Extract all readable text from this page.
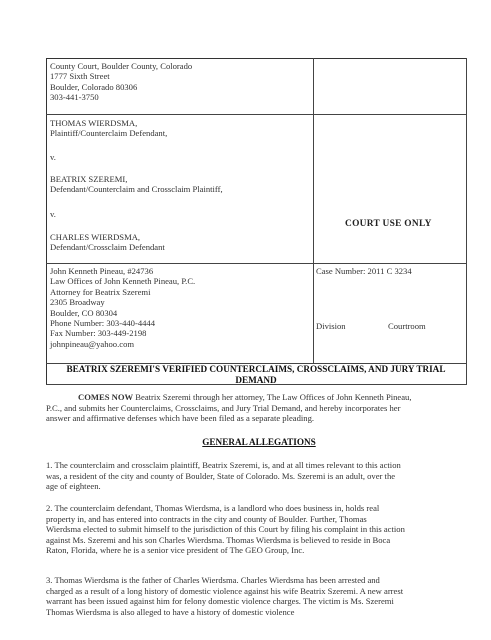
County Court, Boulder County, Colorado
1777 Sixth Street
Boulder, Colorado 80306
303-441-3750
THOMAS WIERDSMA,
Plaintiff/Counterclaim Defendant,
v.
BEATRIX SZEREMI,
Defendant/Counterclaim and Crossclaim Plaintiff,
v.
CHARLES WIERDSMA,
Defendant/Crossclaim Defendant
COURT USE ONLY
John Kenneth Pineau, #24736
Law Offices of John Kenneth Pineau, P.C.
Attorney for Beatrix Szeremi
2305 Broadway
Boulder, CO 80304
Phone Number: 303-440-4444
Fax Number: 303-449-2198
johnpineau@yahoo.com
Case Number: 2011 C 3234
Division	Courtroom
BEATRIX SZEREMI'S VERIFIED COUNTERCLAIMS, CROSSCLAIMS, AND JURY TRIAL
DEMAND
COMES NOW Beatrix Szeremi through her attorney, The Law Offices of John Kenneth Pineau,
P.C., and submits her Counterclaims, Crossclaims, and Jury Trial Demand, and hereby incorporates her
answer and affirmative defenses which have been filed as a separate pleading.
GENERAL ALLEGATIONS
1. The counterclaim and crossclaim plaintiff, Beatrix Szeremi, is, and at all times relevant to this action
was, a resident of the city and county of Boulder, State of Colorado. Ms. Szeremi is an adult, over the
age of eighteen.
2. The counterclaim defendant, Thomas Wierdsma, is a landlord who does business in, holds real
property in, and has entered into contracts in the city and county of Boulder. Further, Thomas
Wierdsma elected to submit himself to the jurisdiction of this Court by filing his complaint in this action
against Ms. Szeremi and his son Charles Wierdsma. Thomas Wierdsma is believed to reside in Boca
Raton, Florida, where he is a senior vice president of The GEO Group, Inc.
3. Thomas Wierdsma is the father of Charles Wierdsma. Charles Wierdsma has been arrested and
charged as a result of a long history of domestic violence against his wife Beatrix Szeremi. A new arrest
warrant has been issued against him for felony domestic violence charges. The victim is Ms. Szeremi
Thomas Wierdsma is also alleged to have a history of domestic violence
